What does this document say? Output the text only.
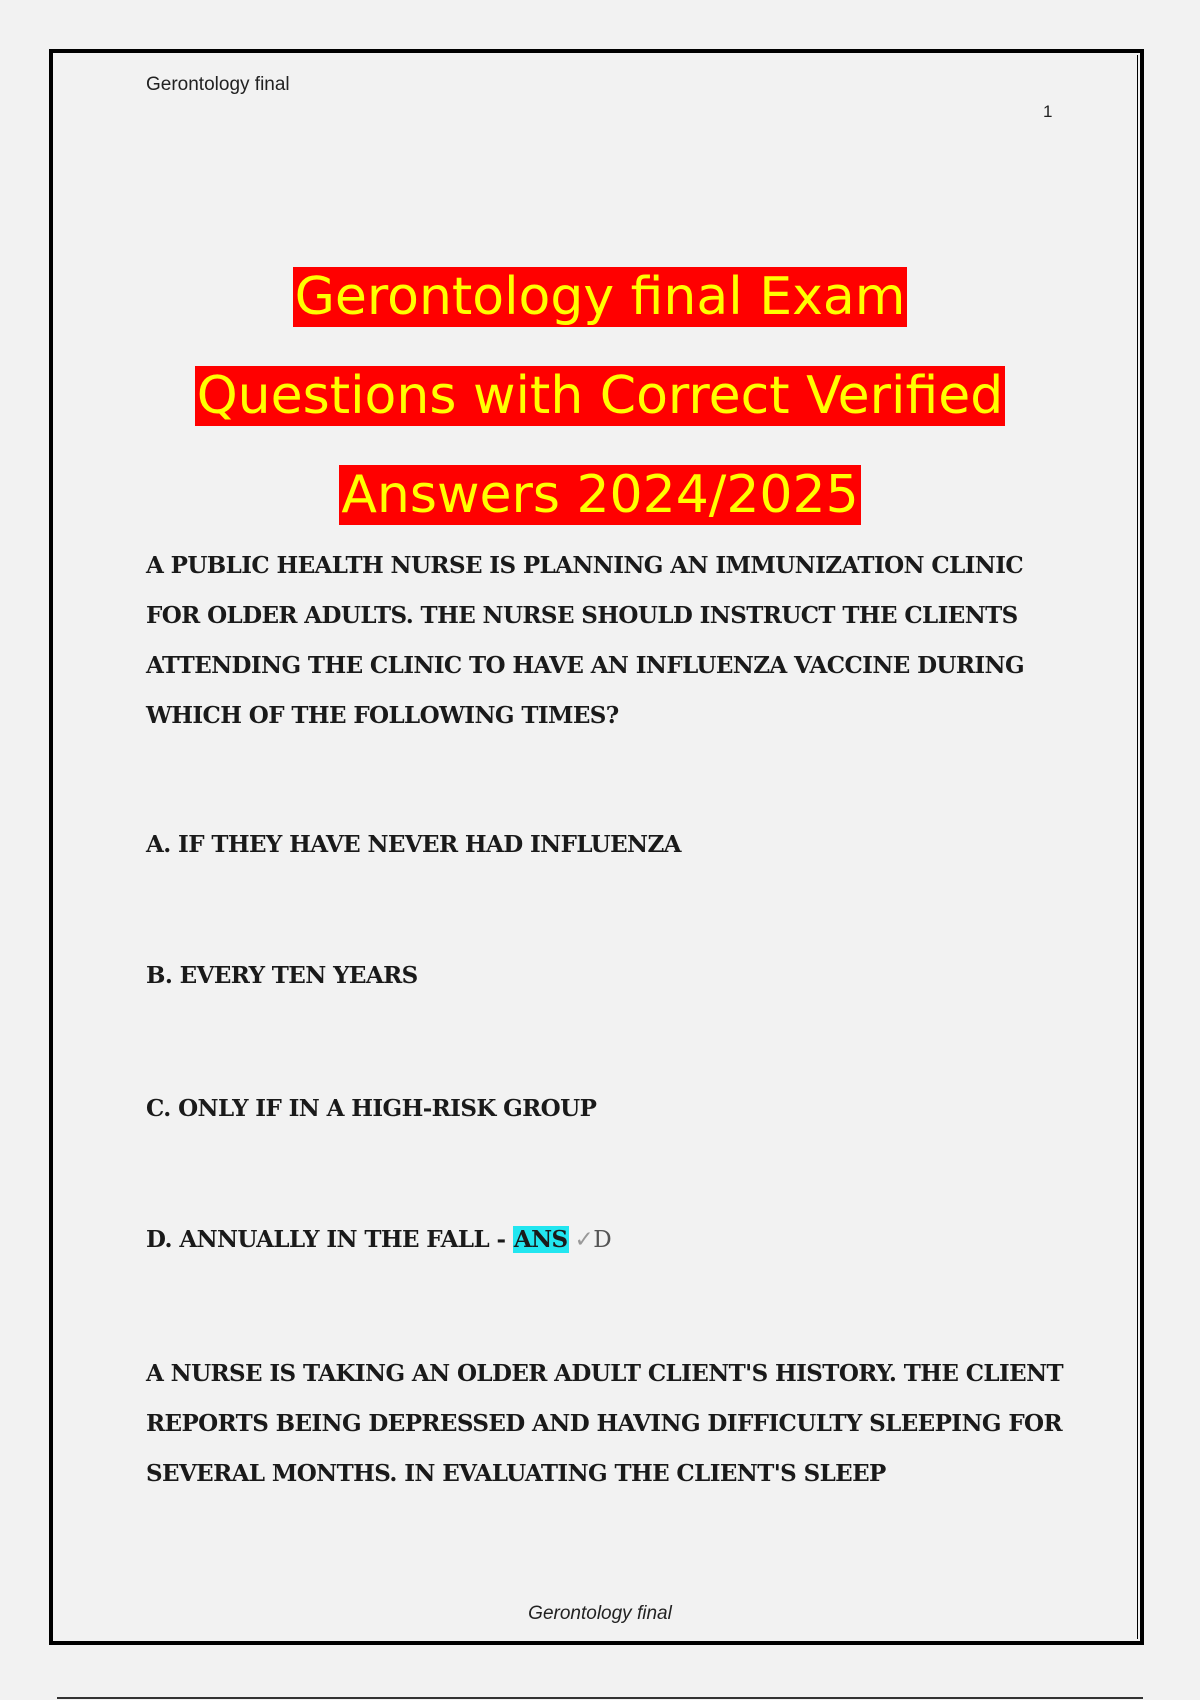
Gerontology final
1
Gerontology final Exam
Questions with Correct Verified
Answers 2024/2025
A PUBLIC HEALTH NURSE IS PLANNING AN IMMUNIZATION CLINIC FOR OLDER ADULTS. THE NURSE SHOULD INSTRUCT THE CLIENTS ATTENDING THE CLINIC TO HAVE AN INFLUENZA VACCINE DURING WHICH OF THE FOLLOWING TIMES?
A. IF THEY HAVE NEVER HAD INFLUENZA
B. EVERY TEN YEARS
C. ONLY IF IN A HIGH-RISK GROUP
D. ANNUALLY IN THE FALL - ANS ✓D
A NURSE IS TAKING AN OLDER ADULT CLIENT'S HISTORY. THE CLIENT REPORTS BEING DEPRESSED AND HAVING DIFFICULTY SLEEPING FOR SEVERAL MONTHS. IN EVALUATING THE CLIENT'S SLEEP
Gerontology final
